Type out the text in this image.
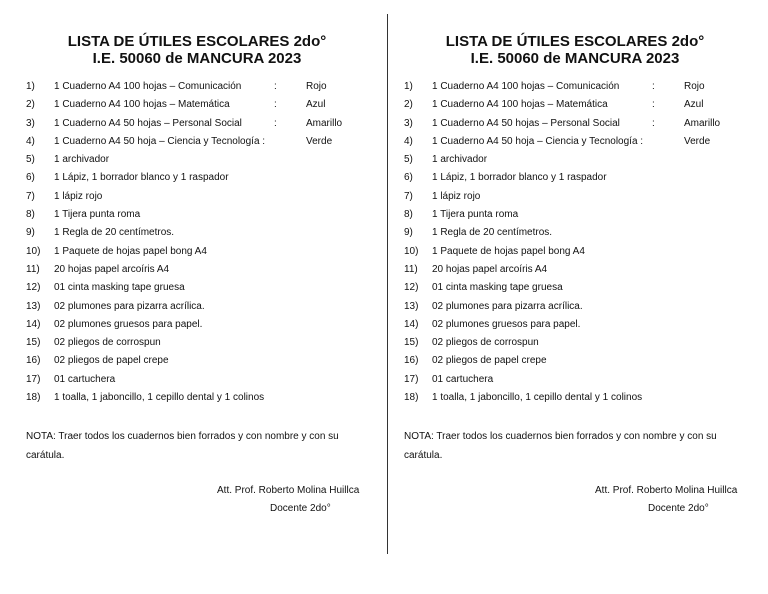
LISTA DE ÚTILES ESCOLARES 2do°
I.E. 50060 de MANCURA 2023
1)	1 Cuaderno A4 100 hojas – Comunicación	:	Rojo
2)	1 Cuaderno A4 100 hojas – Matemática	:	Azul
3)	1 Cuaderno A4 50 hojas – Personal Social	:	Amarillo
4)	1 Cuaderno A4 50 hoja – Ciencia y Tecnología :	Verde
5)	1 archivador
6)	1 Lápiz, 1 borrador blanco y 1 raspador
7)	1 lápiz rojo
8)	1 Tijera punta roma
9)	1 Regla de 20 centímetros.
10)	1 Paquete de hojas papel bong A4
11)	20 hojas papel arcoíris A4
12)	01 cinta masking tape gruesa
13)	02 plumones para pizarra acrílica.
14)	02 plumones gruesos para papel.
15)	02 pliegos de corrospun
16)	02 pliegos de papel crepe
17)	01 cartuchera
18)	1 toalla, 1 jaboncillo, 1 cepillo dental y 1 colinos
NOTA: Traer todos los cuadernos bien forrados y con nombre y con su carátula.
Att. Prof. Roberto Molina Huillca
Docente 2do°
LISTA DE ÚTILES ESCOLARES 2do°
I.E. 50060 de MANCURA 2023
1)	1 Cuaderno A4 100 hojas – Comunicación	:	Rojo
2)	1 Cuaderno A4 100 hojas – Matemática	:	Azul
3)	1 Cuaderno A4 50 hojas – Personal Social	:	Amarillo
4)	1 Cuaderno A4 50 hoja – Ciencia y Tecnología :	Verde
5)	1 archivador
6)	1 Lápiz, 1 borrador blanco y 1 raspador
7)	1 lápiz rojo
8)	1 Tijera punta roma
9)	1 Regla de 20 centímetros.
10)	1 Paquete de hojas papel bong A4
11)	20 hojas papel arcoíris A4
12)	01 cinta masking tape gruesa
13)	02 plumones para pizarra acrílica.
14)	02 plumones gruesos para papel.
15)	02 pliegos de corrospun
16)	02 pliegos de papel crepe
17)	01 cartuchera
18)	1 toalla, 1 jaboncillo, 1 cepillo dental y 1 colinos
NOTA: Traer todos los cuadernos bien forrados y con nombre y con su carátula.
Att. Prof. Roberto Molina Huillca
Docente 2do°
